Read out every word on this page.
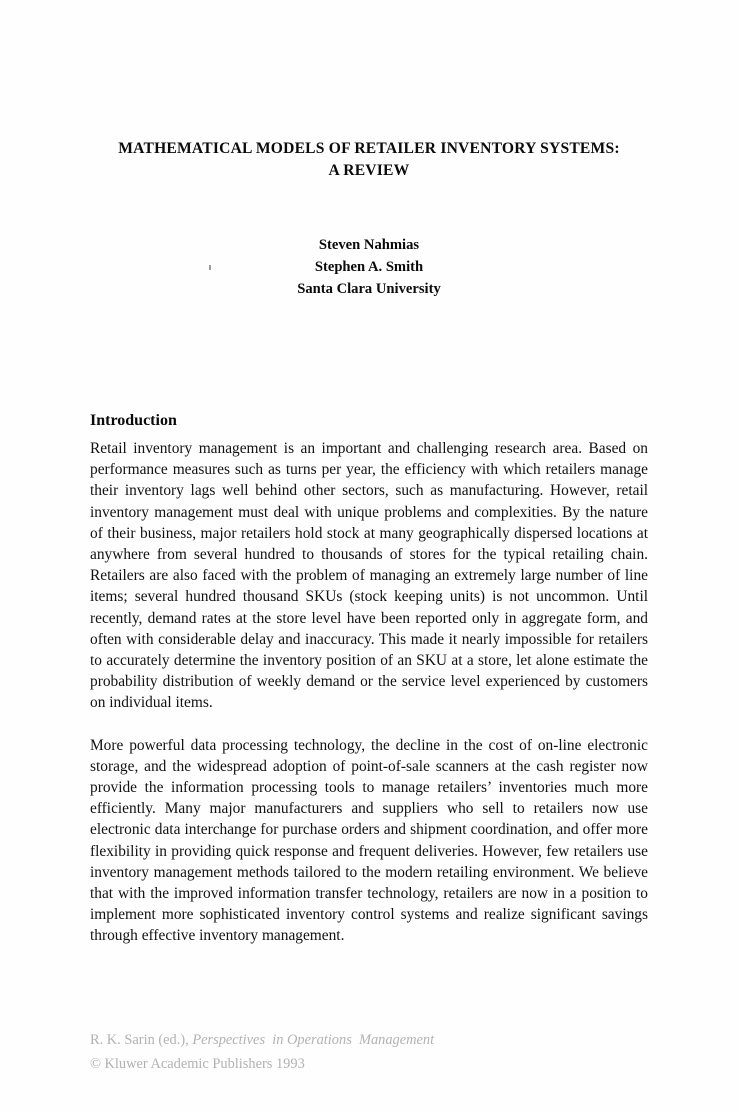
MATHEMATICAL MODELS OF RETAILER INVENTORY SYSTEMS:
A REVIEW
Steven Nahmias
Stephen A. Smith
Santa Clara University
Introduction

Retail inventory management is an important and challenging research area. Based on performance measures such as turns per year, the efficiency with which retailers manage their inventory lags well behind other sectors, such as manufacturing. However, retail inventory management must deal with unique problems and complexities. By the nature of their business, major retailers hold stock at many geographically dispersed locations at anywhere from several hundred to thousands of stores for the typical retailing chain. Retailers are also faced with the problem of managing an extremely large number of line items; several hundred thousand SKUs (stock keeping units) is not uncommon. Until recently, demand rates at the store level have been reported only in aggregate form, and often with considerable delay and inaccuracy. This made it nearly impossible for retailers to accurately determine the inventory position of an SKU at a store, let alone estimate the probability distribution of weekly demand or the service level experienced by customers on individual items.

More powerful data processing technology, the decline in the cost of on-line electronic storage, and the widespread adoption of point-of-sale scanners at the cash register now provide the information processing tools to manage retailers’ inventories much more efficiently. Many major manufacturers and suppliers who sell to retailers now use electronic data interchange for purchase orders and shipment coordination, and offer more flexibility in providing quick response and frequent deliveries. However, few retailers use inventory management methods tailored to the modern retailing environment. We believe that with the improved information transfer technology, retailers are now in a position to implement more sophisticated inventory control systems and realize significant savings through effective inventory management.

R. K. Sarin (ed.), Perspectives  in Operations  Management
© Kluwer Academic Publishers 1993
